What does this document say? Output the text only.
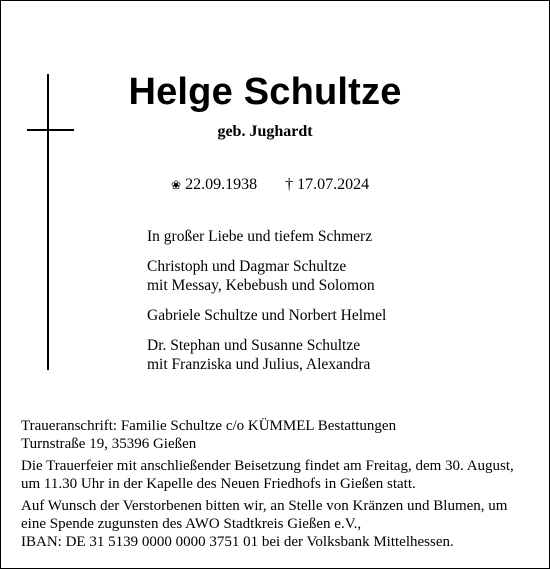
Helge Schultze
geb. Jughardt
❀ 22.09.1938 † 17.07.2024
In großer Liebe und tiefem Schmerz
Christoph und Dagmar Schultze
mit Messay, Kebebush und Solomon
Gabriele Schultze und Norbert Helmel
Dr. Stephan und Susanne Schultze
mit Franziska und Julius, Alexandra
Traueranschrift: Familie Schultze c/o KÜMMEL Bestattungen
Turnstraße 19, 35396 Gießen
Die Trauerfeier mit anschließender Beisetzung findet am Freitag, dem 30. August,
um 11.30 Uhr in der Kapelle des Neuen Friedhofs in Gießen statt.
Auf Wunsch der Verstorbenen bitten wir, an Stelle von Kränzen und Blumen, um
eine Spende zugunsten des AWO Stadtkreis Gießen e.V.,
IBAN: DE 31 5139 0000 0000 3751 01 bei der Volksbank Mittelhessen.
